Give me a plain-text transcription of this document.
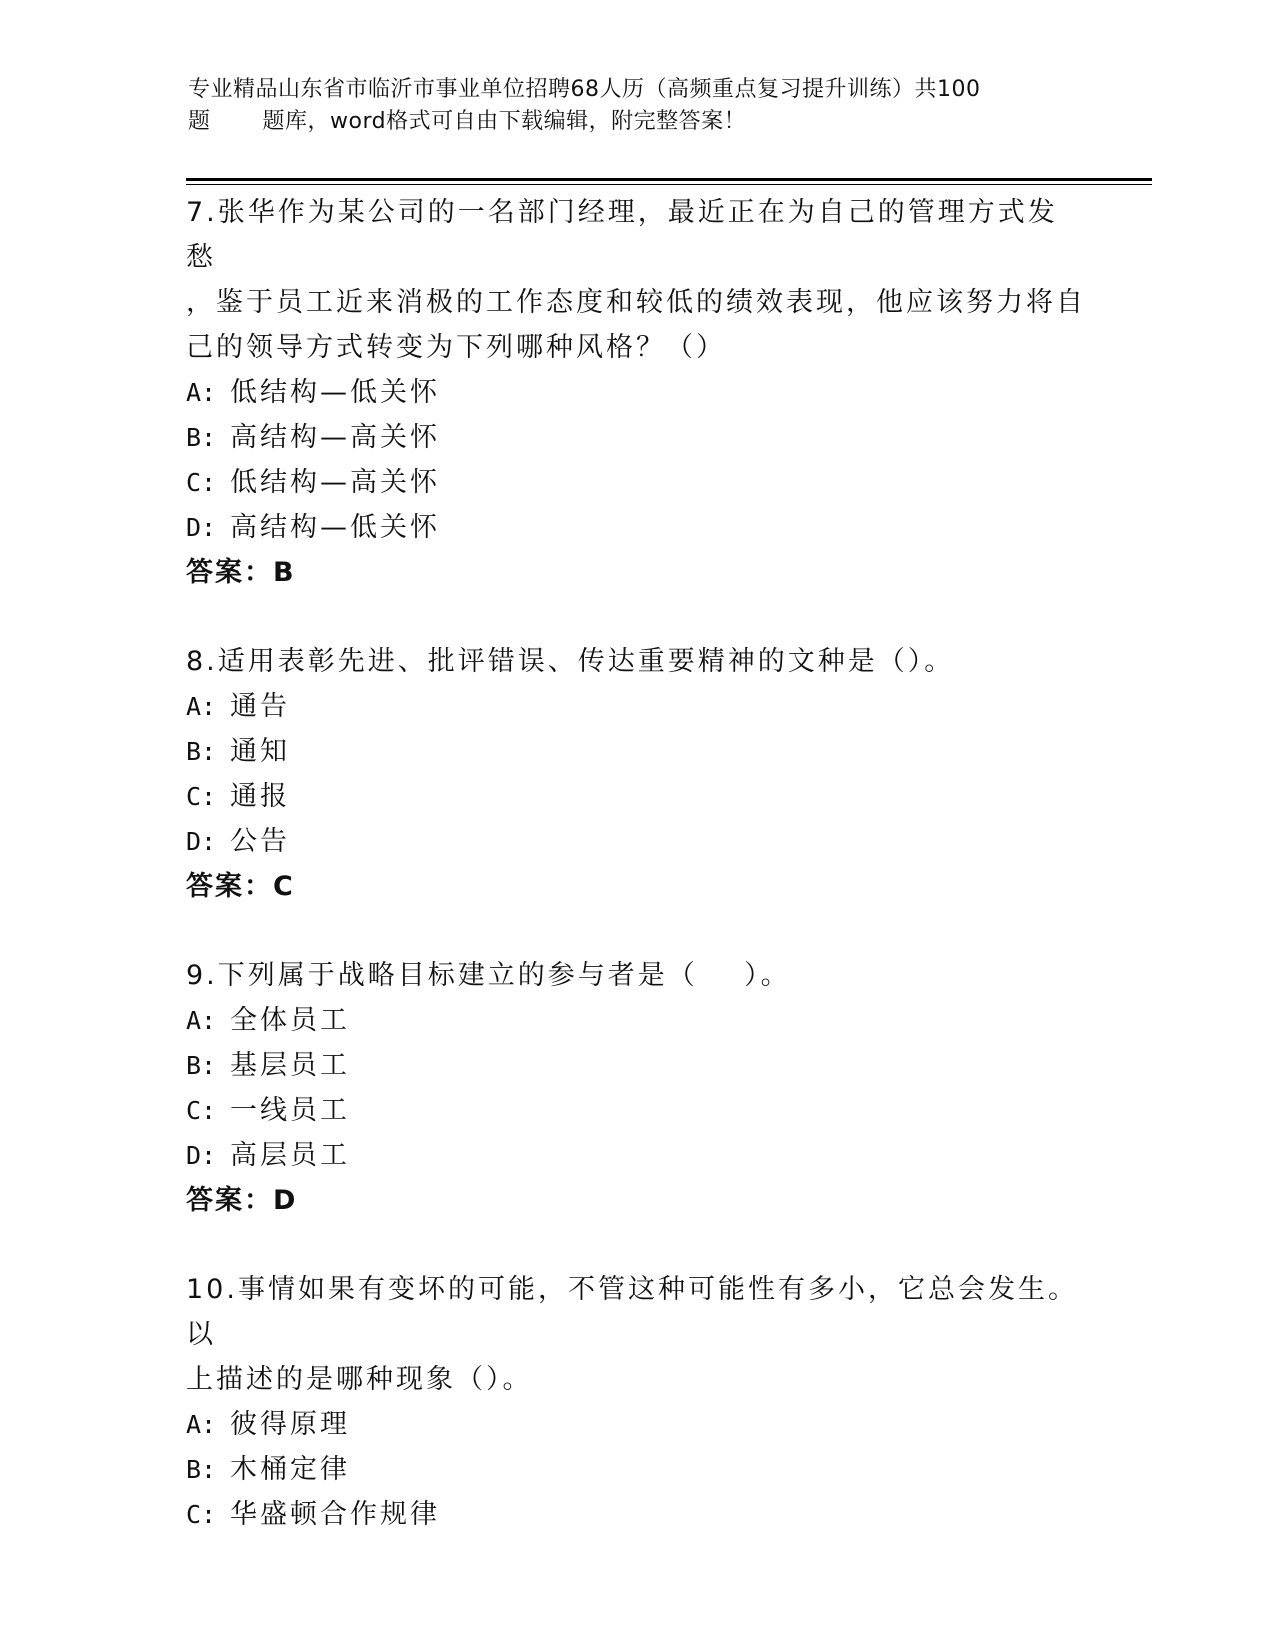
专业精品山东省市临沂市事业单位招聘68人历（高频重点复习提升训练）共100
题 题库，word格式可自由下载编辑，附完整答案！

7.张华作为某公司的一名部门经理，最近正在为自己的管理方式发愁

，鉴于员工近来消极的工作态度和较低的绩效表现，他应该努力将自

己的领导方式转变为下列哪种风格？（）

A: 低结构—低关怀

B: 高结构—高关怀

C: 低结构—高关怀

D: 高结构—低关怀

答案：B

8.适用表彰先进、批评错误、传达重要精神的文种是（）。

A: 通告

B: 通知

C: 通报

D: 公告

答案：C

9.下列属于战略目标建立的参与者是（    ）。

A: 全体员工

B: 基层员工

C: 一线员工

D: 高层员工

答案：D

10.事情如果有变坏的可能，不管这种可能性有多小，它总会发生。以

上描述的是哪种现象（）。

A: 彼得原理

B: 木桶定律

C: 华盛顿合作规律
